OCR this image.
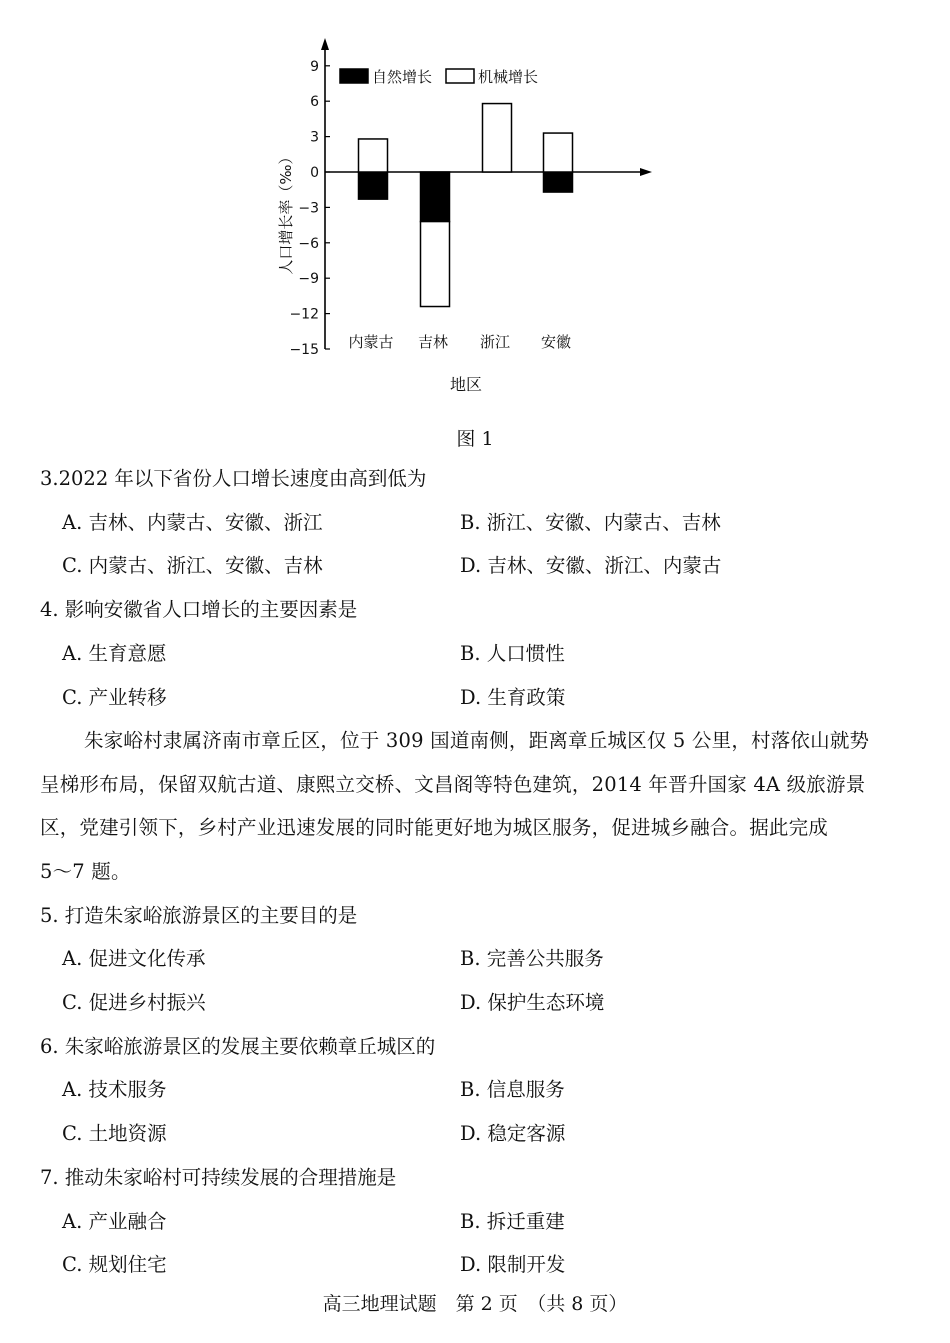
9
6
3
0
−3
−6
−9
−12
−15 内蒙古 吉林 浙江 安徽
自然增长	机械增长
人口增长率（‰）
地区
图 1
3.2022 年以下省份人口增长速度由高到低为
A. 吉林、内蒙古、安徽、浙江	B. 浙江、安徽、内蒙古、吉林
C. 内蒙古、浙江、安徽、吉林	D. 吉林、安徽、浙江、内蒙古
4. 影响安徽省人口增长的主要因素是
A. 生育意愿	B. 人口惯性
C. 产业转移	D. 生育政策
朱家峪村隶属济南市章丘区，位于 309 国道南侧，距离章丘城区仅 5 公里，村落依山就势
呈梯形布局，保留双航古道、康熙立交桥、文昌阁等特色建筑，2014 年晋升国家 4A 级旅游景
区，党建引领下，乡村产业迅速发展的同时能更好地为城区服务，促进城乡融合。据此完成
5～7 题。
5. 打造朱家峪旅游景区的主要目的是
A. 促进文化传承	B. 完善公共服务
C. 促进乡村振兴	D. 保护生态环境
6. 朱家峪旅游景区的发展主要依赖章丘城区的
A. 技术服务	B. 信息服务
C. 土地资源	D. 稳定客源
7. 推动朱家峪村可持续发展的合理措施是
A. 产业融合	B. 拆迁重建
C. 规划住宅	D. 限制开发
高三地理试题　第 2 页　（共 8 页）
